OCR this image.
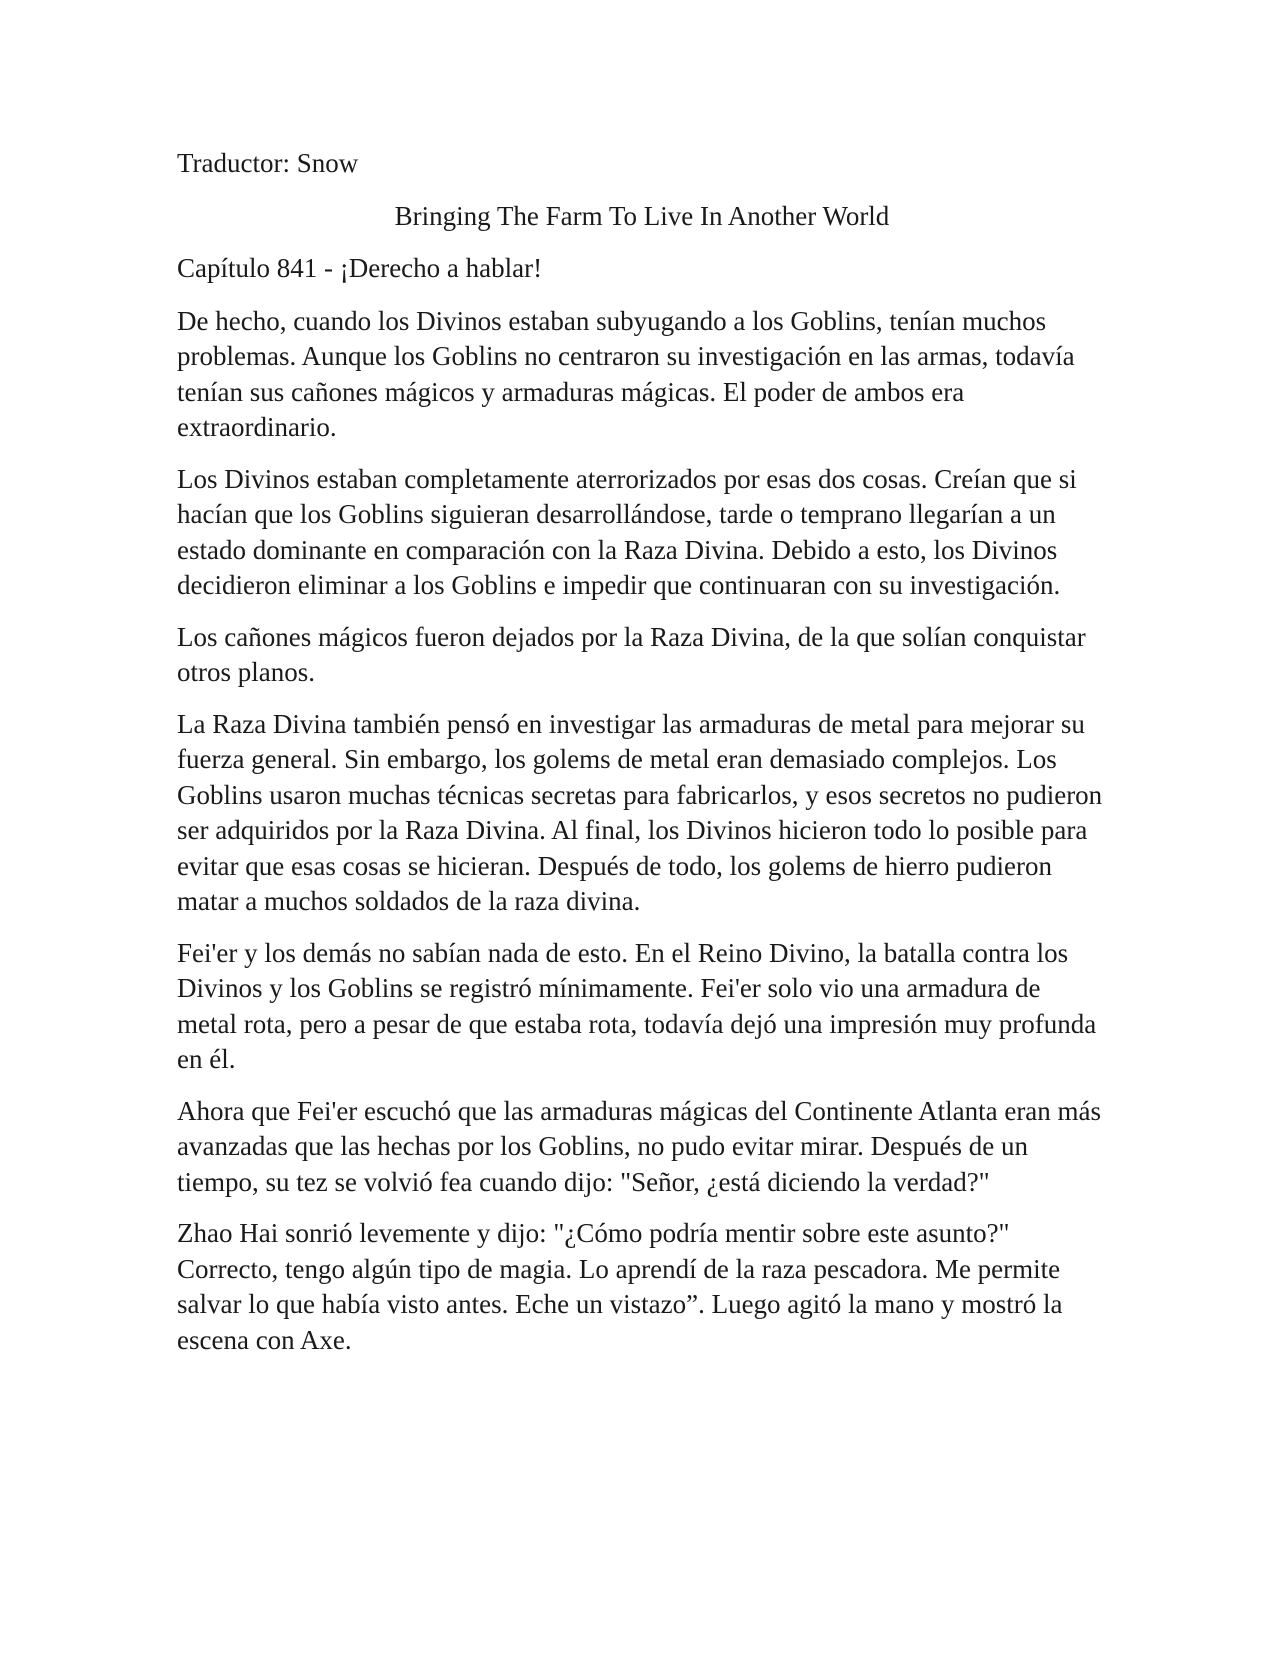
Traductor: Snow

Bringing The Farm To Live In Another World
Capítulo 841 - ¡Derecho a hablar!

De hecho, cuando los Divinos estaban subyugando a los Goblins, tenían muchos problemas. Aunque los Goblins no centraron su investigación en las armas, todavía tenían sus cañones mágicos y armaduras mágicas. El poder de ambos era extraordinario.

Los Divinos estaban completamente aterrorizados por esas dos cosas. Creían que si hacían que los Goblins siguieran desarrollándose, tarde o temprano llegarían a un estado dominante en comparación con la Raza Divina. Debido a esto, los Divinos decidieron eliminar a los Goblins e impedir que continuaran con su investigación.

Los cañones mágicos fueron dejados por la Raza Divina, de la que solían conquistar otros planos.

La Raza Divina también pensó en investigar las armaduras de metal para mejorar su fuerza general. Sin embargo, los golems de metal eran demasiado complejos. Los Goblins usaron muchas técnicas secretas para fabricarlos, y esos secretos no pudieron ser adquiridos por la Raza Divina. Al final, los Divinos hicieron todo lo posible para evitar que esas cosas se hicieran. Después de todo, los golems de hierro pudieron matar a muchos soldados de la raza divina.

Fei'er y los demás no sabían nada de esto. En el Reino Divino, la batalla contra los Divinos y los Goblins se registró mínimamente. Fei'er solo vio una armadura de metal rota, pero a pesar de que estaba rota, todavía dejó una impresión muy profunda en él.

Ahora que Fei'er escuchó que las armaduras mágicas del Continente Atlanta eran más avanzadas que las hechas por los Goblins, no pudo evitar mirar. Después de un tiempo, su tez se volvió fea cuando dijo: "Señor, ¿está diciendo la verdad?"

Zhao Hai sonrió levemente y dijo: "¿Cómo podría mentir sobre este asunto?" Correcto, tengo algún tipo de magia. Lo aprendí de la raza pescadora. Me permite salvar lo que había visto antes. Eche un vistazo”. Luego agitó la mano y mostró la escena con Axe.
